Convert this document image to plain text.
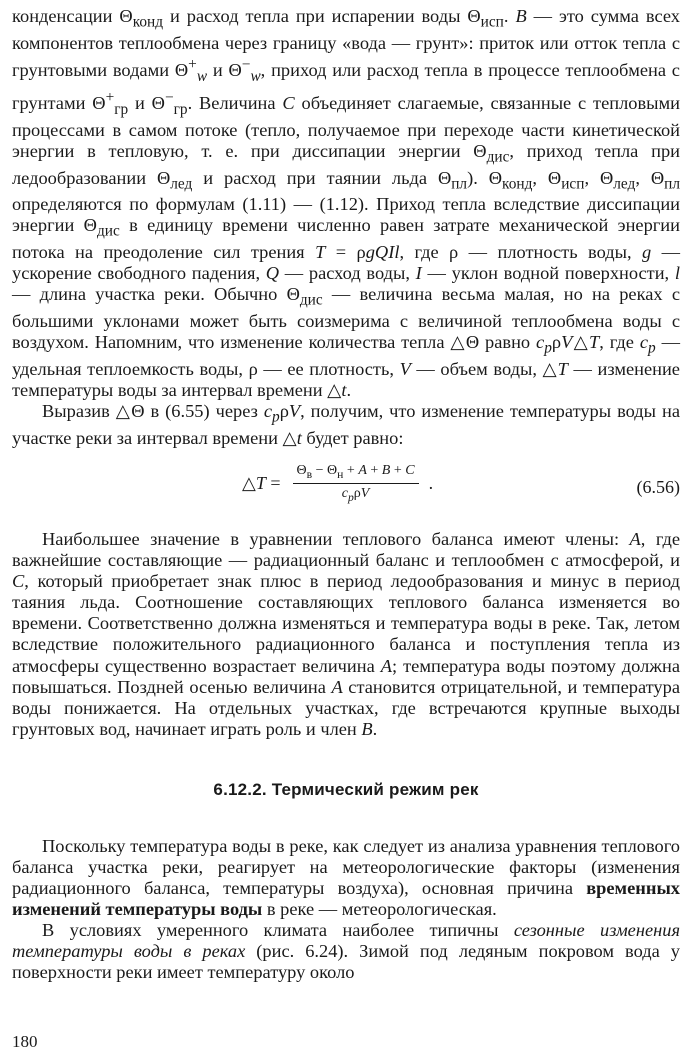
конденсации $\Theta_{конд}$ и расход тепла при испарении воды $\Theta_{исп}$. B — это сумма всех компонентов теплообмена через границу «вода — грунт»: приток или отток тепла с грунтовыми водами $\Theta^+_w$ и $\Theta^-_w$, приход или расход тепла в процессе теплообмена с грунтами $\Theta^+_{гр}$ и $\Theta^-_{гр}$. Величина C объединяет слагаемые, связанные с тепловыми процессами в самом потоке (тепло, получаемое при переходе части кинетической энергии в тепловую, т. е. при диссипации энергии $\Theta_{дис}$, приход тепла при ледообразовании $\Theta_{лед}$ и расход при таянии льда $\Theta_{пл}$). $\Theta_{конд}$, $\Theta_{исп}$, $\Theta_{лед}$, $\Theta_{пл}$ определяются по формулам (1.11) — (1.12). Приход тепла вследствие диссипации энергии $\Theta_{дис}$ в единицу времени численно равен затрате механической энергии потока на преодоление сил трения T = ρgQIl, где ρ — плотность воды, g — ускорение свободного падения, Q — расход воды, I — уклон водной поверхности, l — длина участка реки. Обычно $\Theta_{дис}$ — величина весьма малая, но на реках с большими уклонами может быть соизмерима с величиной теплообмена воды с воздухом. Напомним, что изменение количества тепла △Θ равно $c_p\rho V\triangle T$, где $c_p$ — удельная теплоемкость воды, ρ — ее плотность, V — объем воды, △T — изменение температуры воды за интервал времени △t.

Выразив △Θ в (6.55) через $c_p\rho V$, получим, что изменение температуры воды на участке реки за интервал времени △t будет равно:

△T = $\frac{\Theta_в - \Theta_н + A + B + C}{c_p\rho V}$ .	(6.56)

Наибольшее значение в уравнении теплового баланса имеют члены: A, где важнейшие составляющие — радиационный баланс и теплообмен с атмосферой, и C, который приобретает знак плюс в период ледообразования и минус в период таяния льда. Соотношение составляющих теплового баланса изменяется во времени. Соответственно должна изменяться и температура воды в реке. Так, летом вследствие положительного радиационного баланса и поступления тепла из атмосферы существенно возрастает величина A; температура воды поэтому должна повышаться. Поздней осенью величина A становится отрицательной, и температура воды понижается. На отдельных участках, где встречаются крупные выходы грунтовых вод, начинает играть роль и член B.

6.12.2. Термический режим рек

Поскольку температура воды в реке, как следует из анализа уравнения теплового баланса участка реки, реагирует на метеорологические факторы (изменения радиационного баланса, температуры воздуха), основная причина временных изменений температуры воды в реке — метеорологическая.

В условиях умеренного климата наиболее типичны сезонные изменения температуры воды в реках (рис. 6.24). Зимой под ледяным покровом вода у поверхности реки имеет температуру около

180
